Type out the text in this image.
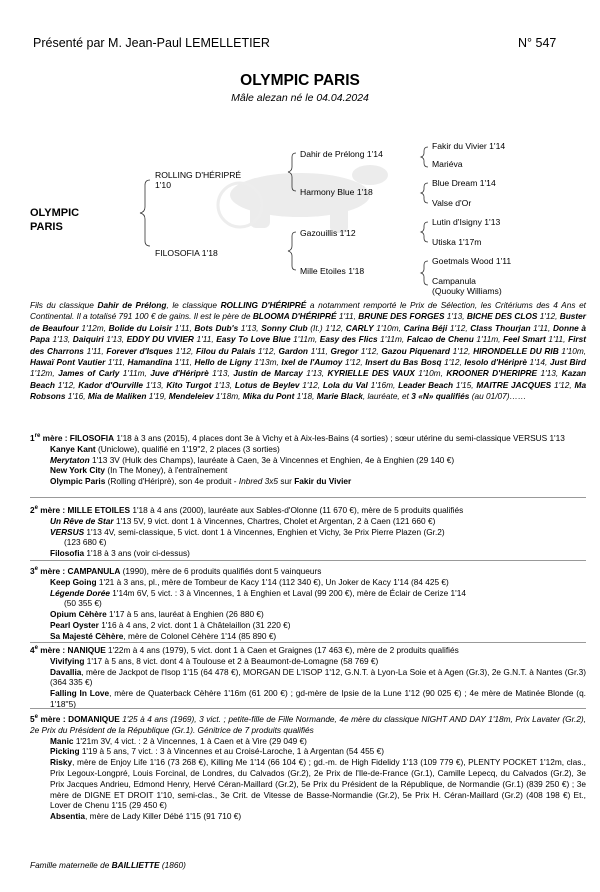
Présenté par M. Jean-Paul LEMELLETIER	N° 547
OLYMPIC PARIS
Mâle alezan né le 04.04.2024
OLYMPIC
PARIS
ROLLING D'HÉRIPRÉ
1'10
FILOSOFIA 1'18
Dahir de Prélong 1'14
Harmony Blue 1'18
Gazouillis 1'12
Mille Etoiles 1'18
Fakir du Vivier 1'14
Mariéva
Blue Dream 1'14
Valse d'Or
Lutin d'Isigny 1'13
Utiska 1'17m
Goetmals Wood 1'11
Campanula
(Quouky Williams)
Fils du classique Dahir de Prélong, le classique ROLLING D'HÉRIPRÉ a notamment remporté le Prix de Sélection, les Critériums des 4 Ans et Continental. Il a totalisé 791 100 € de gains. Il est le père de BLOOMA D'HÉRIPRÉ 1'11, BRUNE DES FORGES 1'13, BICHE DES CLOS 1'12, Buster de Beaufour 1'12m, Bolide du Loisir 1'11, Bots Dub's 1'13, Sonny Club (It.) 1'12, CARLY 1'10m, Carina Béji 1'12, Class Thourjan 1'11, Donne à Papa 1'13, Daiquiri 1'13, EDDY DU VIVIER 1'11, Easy To Love Blue 1'11m, Easy des Flics 1'11m, Falcao de Chenu 1'11m, Feel Smart 1'11, First des Charrons 1'11, Forever d'Isques 1'12, Filou du Palais 1'12, Gardon 1'11, Gregor 1'12, Gazou Piquenard 1'12, HIRONDELLE DU RIB 1'10m, Hawaï Pont Vautier 1'11, Hamandina 1'11, Hello de Ligny 1'13m, Ixel de l'Aumoy 1'12, Insert du Bas Bosq 1'12, Iesolo d'Hériprè 1'14, Just Bird 1'12m, James of Carly 1'11m, Juve d'Hériprè 1'13, Justin de Marcay 1'13, KYRIELLE DES VAUX 1'10m, KROONER D'HERIPRE 1'13, Kazan Beach 1'12, Kador d'Ourville 1'13, Kito Turgot 1'13, Lotus de Beylev 1'12, Lola du Val 1'16m, Leader Beach 1'15, MAITRE JACQUES 1'12, Ma Robsons 1'16, Mia de Maliken 1'19, Mendeleiev 1'18m, Mika du Pont 1'18, Marie Black, lauréate, et 3 «N» qualifiés (au 01/07)……

1re mère : FILOSOFIA 1'18 à 3 ans (2015), 4 places dont 3e à Vichy et à Aix-les-Bains (4 sorties) ; sœur utérine du semi-classique VERSUS 1'13

Kanye Kant (Uniclowe), qualifié en 1'19''2, 2 places (3 sorties)

Merytaton 1'13 3V (Hulk des Champs), lauréate à Caen, 3e à Vincennes et Enghien, 4e à Enghien (29 140 €)

New York City (In The Money), à l'entraînement

Olympic Paris (Rolling d'Hériprè), son 4e produit - Inbred 3x5 sur Fakir du Vivier

2e mère : MILLE ETOILES 1'18 à 4 ans (2000), lauréate aux Sables-d'Olonne (11 670 €), mère de 5 produits qualifiés

Un Rêve de Star 1'13 5V, 9 vict. dont 1 à Vincennes, Chartres, Cholet et Argentan, 2 à Caen (121 660 €)

VERSUS 1'13 4V, semi-classique, 5 vict. dont 1 à Vincennes, Enghien et Vichy, 3e Prix Pierre Plazen (Gr.2)

(123 680 €)

Filosofia 1'18 à 3 ans (voir ci-dessus)

3e mère : CAMPANULA (1990), mère de 6 produits qualifiés dont 5 vainqueurs

Keep Going 1'21 à 3 ans, pl., mère de Tombeur de Kacy 1'14 (112 340 €), Un Joker de Kacy 1'14 (84 425 €)

Légende Dorée 1'14m 6V, 5 vict. : 3 à Vincennes, 1 à Enghien et Laval (99 200 €), mère de Éclair de Cerize 1'14

(50 355 €)

Opium Cèhère 1'17 à 5 ans, lauréat à Enghien (26 880 €)

Pearl Oyster 1'16 à 4 ans, 2 vict. dont 1 à Châtelaillon (31 220 €)

Sa Majesté Cèhère, mère de Colonel Cèhère 1'14 (85 890 €)

4e mère : NANIQUE 1'22m à 4 ans (1979), 5 vict. dont 1 à Caen et Graignes (17 463 €), mère de 2 produits qualifiés

Vivifying 1'17 à 5 ans, 8 vict. dont 4 à Toulouse et 2 à Beaumont-de-Lomagne (58 769 €)

Davallia, mère de Jackpot de l'Isop 1'15 (64 478 €), MORGAN DE L'ISOP 1'12, G.N.T. à Lyon-La Soie et à Agen (Gr.3), 2e G.N.T. à Nantes (Gr.3) (364 335 €)

Falling In Love, mère de Quaterback Cèhère 1'16m (61 200 €) ; gd-mère de Ipsie de la Lune 1'12 (90 025 €) ; 4e mère de Matinée Blonde (q. 1'18''5)

5e mère : DOMANIQUE 1'25 à 4 ans (1969), 3 vict. ; petite-fille de Fille Normande, 4e mère du classique NIGHT AND DAY 1'18m, Prix Lavater (Gr.2), 2e Prix du Président de la République (Gr.1). Génitrice de 7 produits qualifiés

Manic 1'21m 3V, 4 vict. : 2 à Vincennes, 1 à Caen et à Vire (29 049 €)

Picking 1'19 à 5 ans, 7 vict. : 3 à Vincennes et au Croisé-Laroche, 1 à Argentan (54 455 €)

Risky, mère de Enjoy Life 1'16 (73 268 €), Killing Me 1'14 (66 104 €) ; gd.-m. de High Fidelidy 1'13 (109 779 €), PLENTY POCKET 1'12m, clas., Prix Legoux-Longpré, Louis Forcinal, de Londres, du Calvados (Gr.2), 2e Prix de l'Ile-de-France (Gr.1), Camille Lepecq, du Calvados (Gr.2), 3e Prix Jacques Andrieu, Edmond Henry, Hervé Céran-Maillard (Gr.2), 5e Prix du Président de la République, de Normandie (Gr.1) (839 250 €) ; 3e mère de DIGNE ET DROIT 1'10, semi-clas., 3e Crit. de Vitesse de Basse-Normandie (Gr.2), 5e Prix H. Céran-Maillard (Gr.2) (408 198 €) Et., Lover de Chenu 1'15 (29 450 €)

Absentia, mère de Lady Killer Débé 1'15 (91 710 €)

Famille maternelle de BAILLIETTE (1860)
